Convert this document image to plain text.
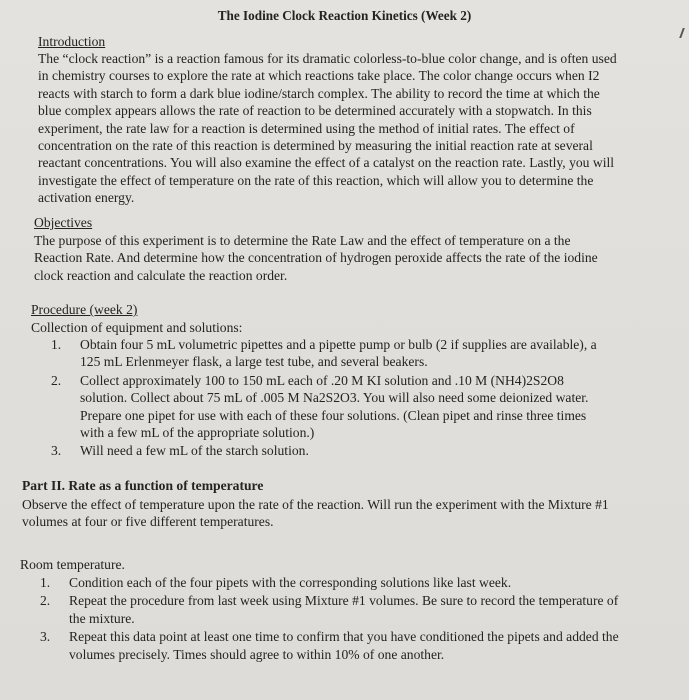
The Iodine Clock Reaction Kinetics (Week 2)
Introduction

The “clock reaction” is a reaction famous for its dramatic colorless-to-blue color change, and is often used in chemistry courses to explore the rate at which reactions take place. The color change occurs when I2 reacts with starch to form a dark blue iodine/starch complex. The ability to record the time at which the blue complex appears allows the rate of reaction to be determined accurately with a stopwatch. In this experiment, the rate law for a reaction is determined using the method of initial rates. The effect of concentration on the rate of this reaction is determined by measuring the initial reaction rate at several reactant concentrations. You will also examine the effect of a catalyst on the reaction rate. Lastly, you will investigate the effect of temperature on the rate of this reaction, which will allow you to determine the activation energy.

Objectives

The purpose of this experiment is to determine the Rate Law and the effect of temperature on a the Reaction Rate. And determine how the concentration of hydrogen peroxide affects the rate of the iodine clock reaction and calculate the reaction order.

Procedure (week 2)
Collection of equipment and solutions:
1. Obtain four 5 mL volumetric pipettes and a pipette pump or bulb (2 if supplies are available), a 125 mL Erlenmeyer flask, a large test tube, and several beakers.
2. Collect approximately 100 to 150 mL each of .20 M KI solution and .10 M (NH4)2S2O8 solution. Collect about 75 mL of .005 M Na2S2O3. You will also need some deionized water. Prepare one pipet for use with each of these four solutions. (Clean pipet and rinse three times with a few mL of the appropriate solution.)
3. Will need a few mL of the starch solution.
Part II. Rate as a function of temperature

Observe the effect of temperature upon the rate of the reaction. Will run the experiment with the Mixture #1 volumes at four or five different temperatures.

Room temperature.
1. Condition each of the four pipets with the corresponding solutions like last week.
2. Repeat the procedure from last week using Mixture #1 volumes. Be sure to record the temperature of the mixture.
3. Repeat this data point at least one time to confirm that you have conditioned the pipets and added the volumes precisely. Times should agree to within 10% of one another.
